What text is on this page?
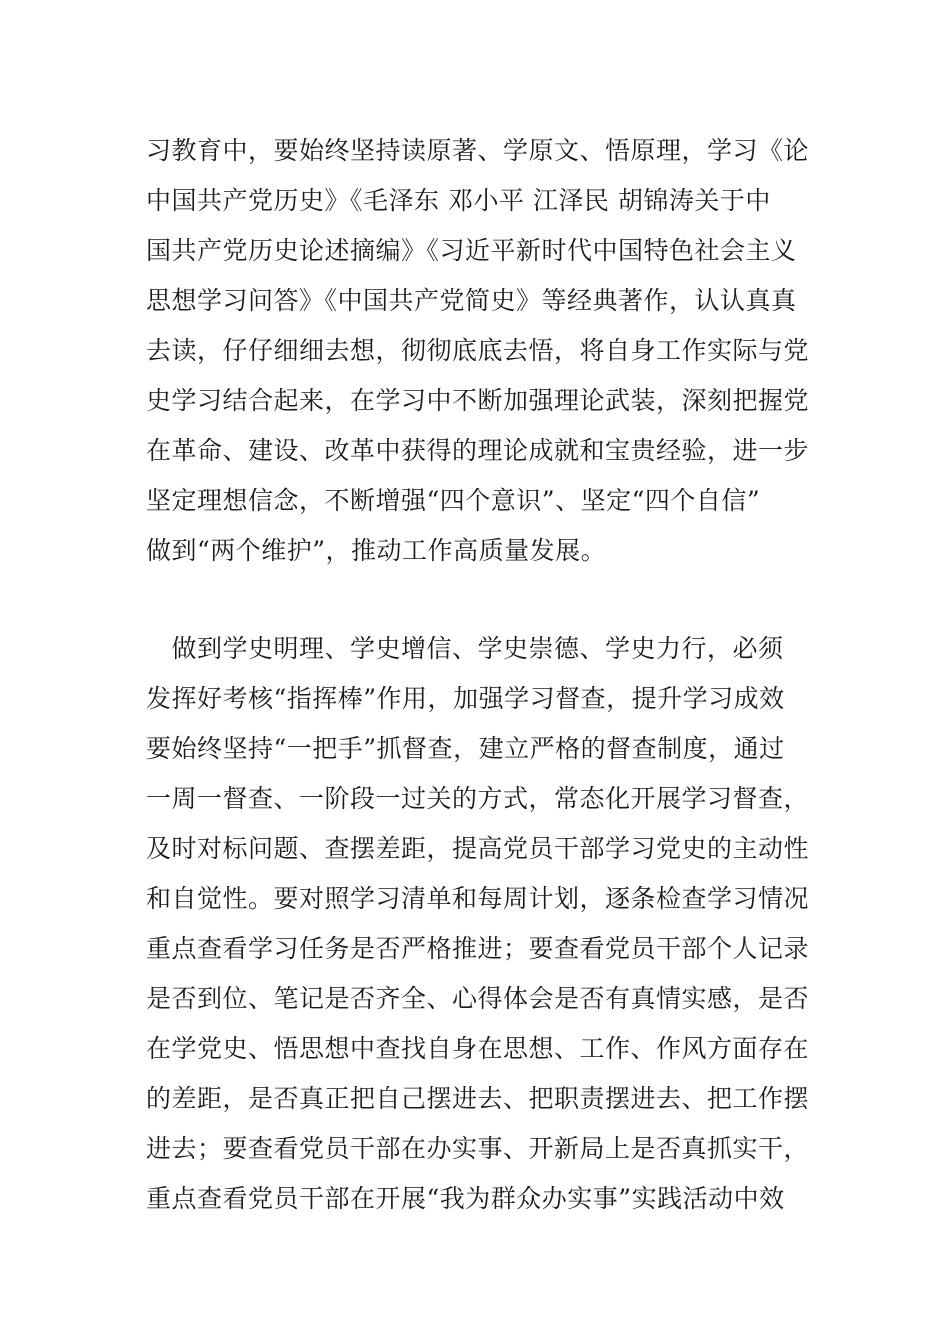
习教育中，要始终坚持读原著、学原文、悟原理，学习《论
中国共产党历史》《毛泽东 邓小平 江泽民 胡锦涛关于中
国共产党历史论述摘编》《习近平新时代中国特色社会主义
思想学习问答》《中国共产党简史》等经典著作，认认真真
去读，仔仔细细去想，彻彻底底去悟，将自身工作实际与党
史学习结合起来，在学习中不断加强理论武装，深刻把握党
在革命、建设、改革中获得的理论成就和宝贵经验，进一步
坚定理想信念，不断增强“四个意识”、坚定“四个自信”
做到“两个维护”，推动工作高质量发展。
　做到学史明理、学史增信、学史崇德、学史力行，必须
发挥好考核“指挥棒”作用，加强学习督查，提升学习成效
要始终坚持“一把手”抓督查，建立严格的督查制度，通过
一周一督查、一阶段一过关的方式，常态化开展学习督查，
及时对标问题、查摆差距，提高党员干部学习党史的主动性
和自觉性。要对照学习清单和每周计划，逐条检查学习情况
重点查看学习任务是否严格推进；要查看党员干部个人记录
是否到位、笔记是否齐全、心得体会是否有真情实感，是否
在学党史、悟思想中查找自身在思想、工作、作风方面存在
的差距，是否真正把自己摆进去、把职责摆进去、把工作摆
进去；要查看党员干部在办实事、开新局上是否真抓实干，
重点查看党员干部在开展“我为群众办实事”实践活动中效
